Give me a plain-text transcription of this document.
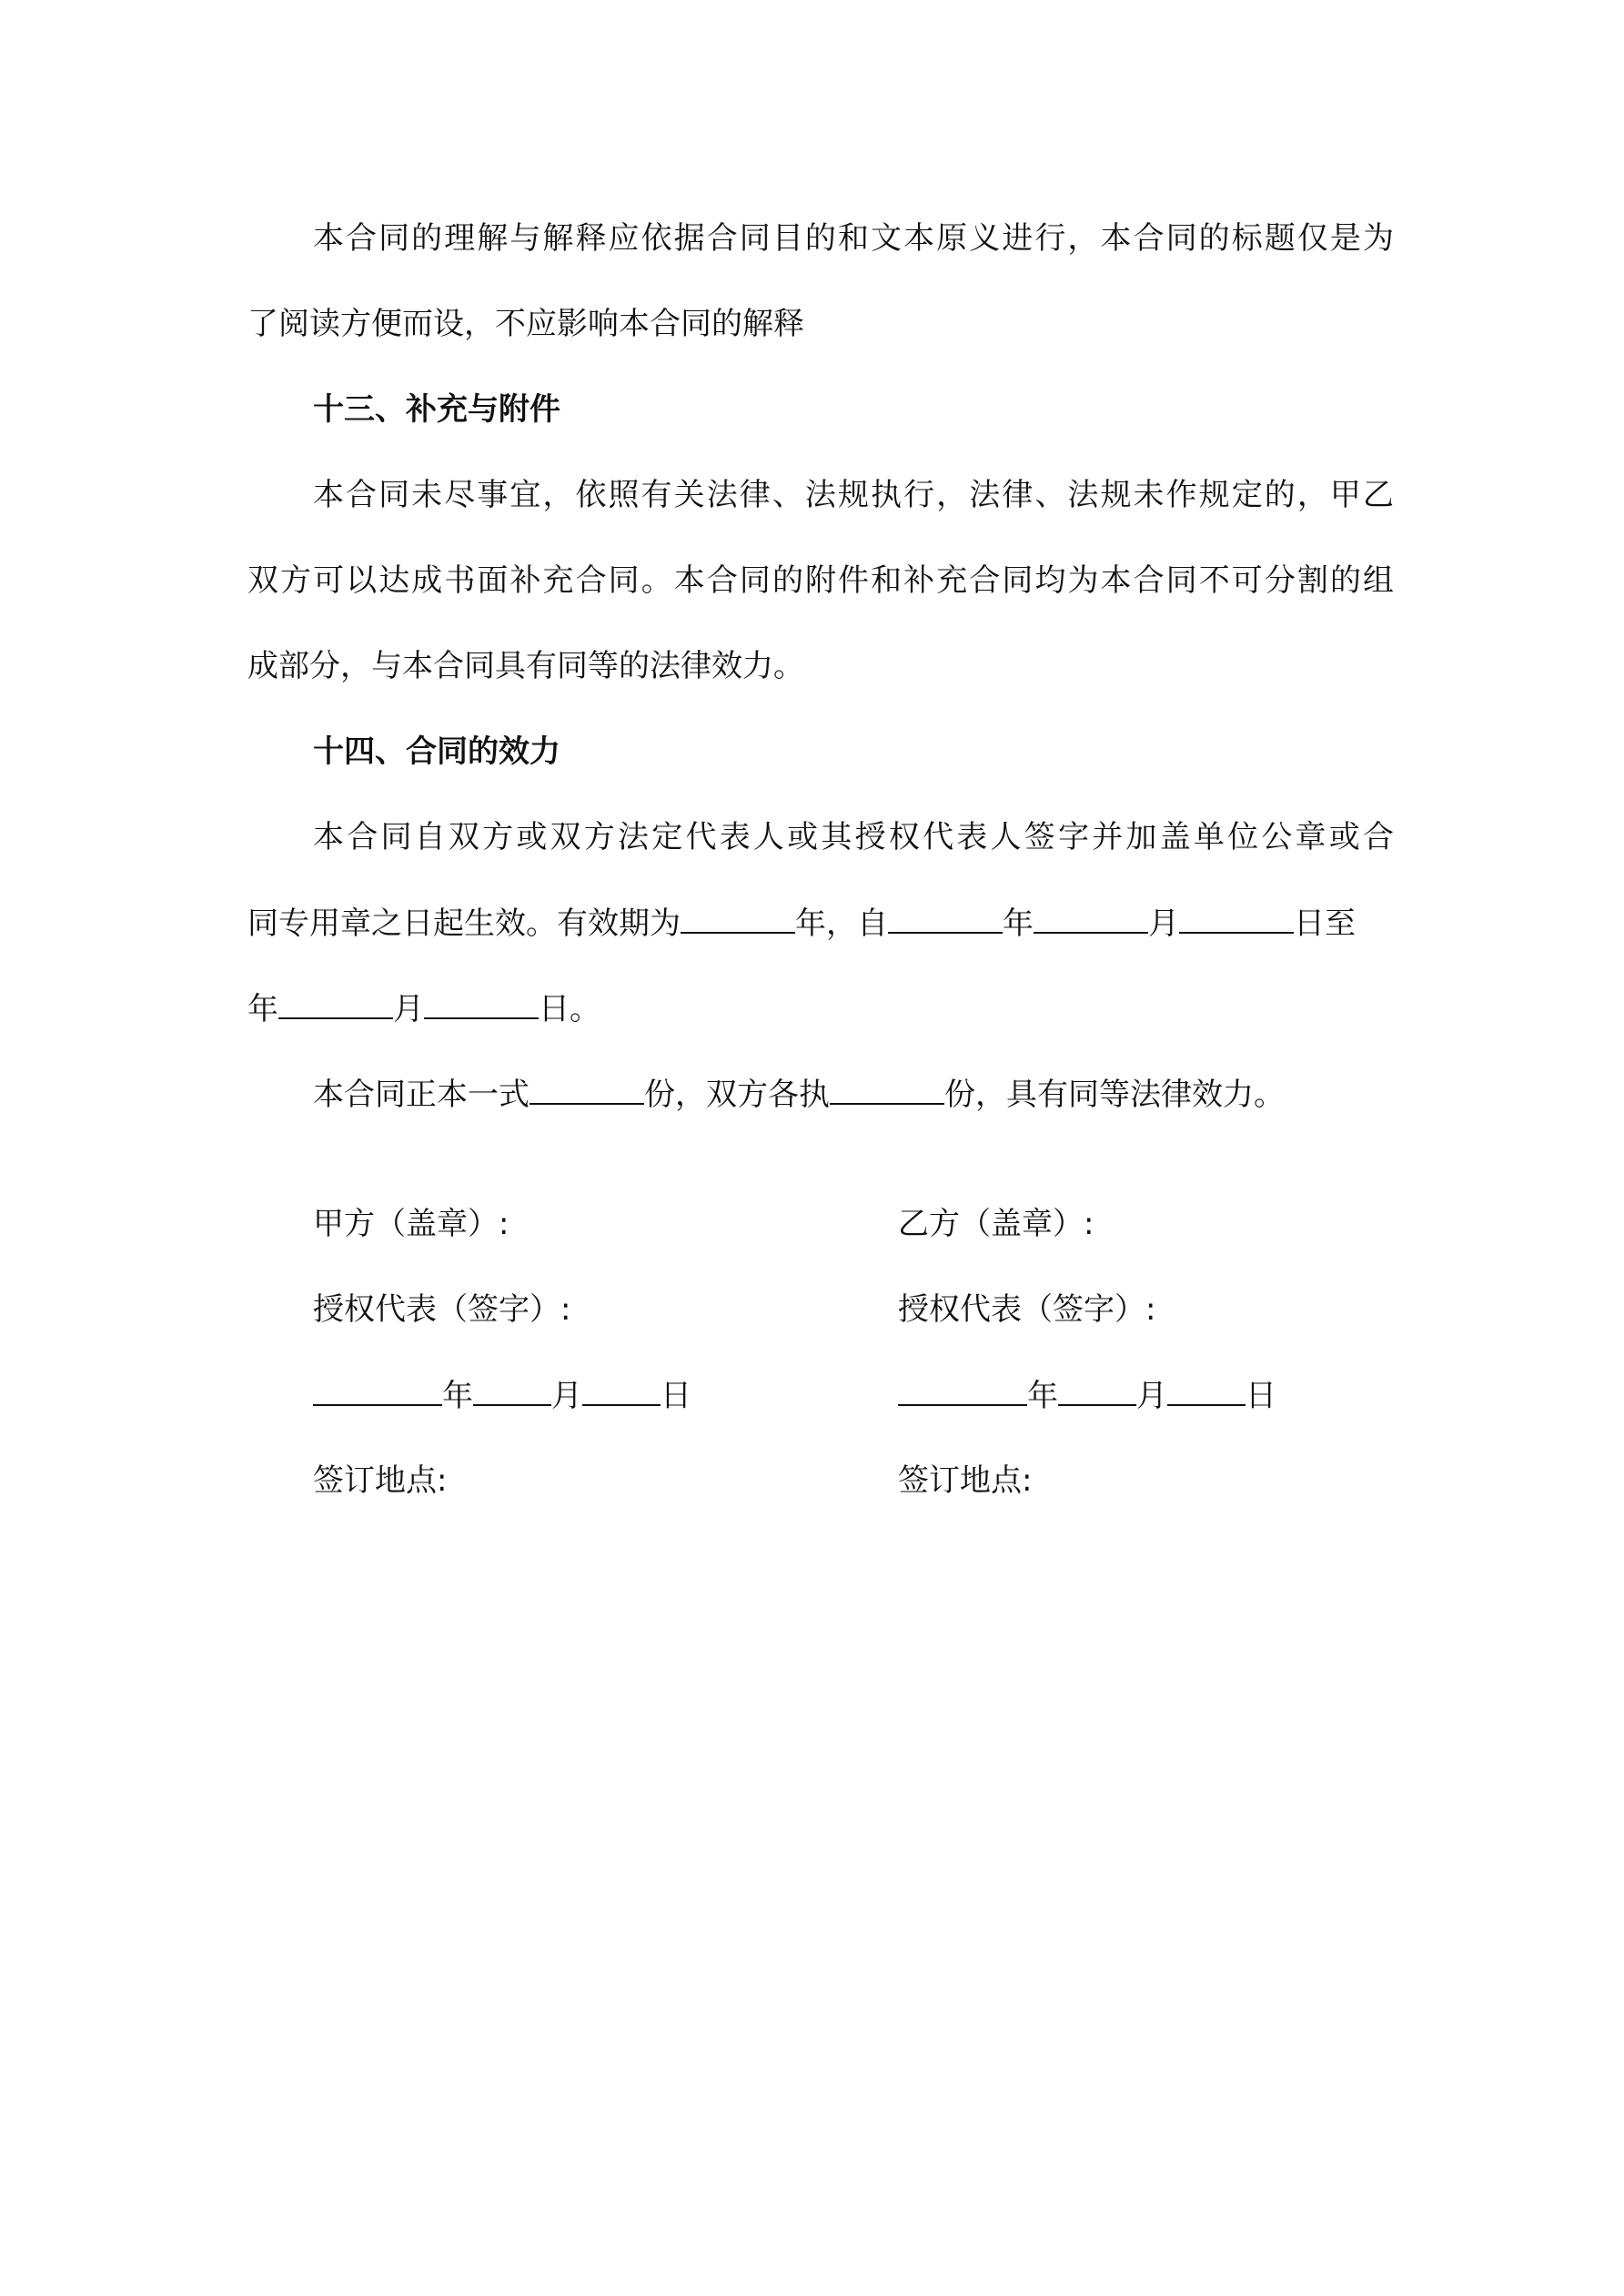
本合同的理解与解释应依据合同目的和文本原义进行，本合同的标题仅是为
了阅读方便而设，不应影响本合同的解释
十三、补充与附件
本合同未尽事宜，依照有关法律、法规执行，法律、法规未作规定的，甲乙
双方可以达成书面补充合同。本合同的附件和补充合同均为本合同不可分割的组
成部分，与本合同具有同等的法律效力。
十四、合同的效力
本合同自双方或双方法定代表人或其授权代表人签字并加盖单位公章或合
同专用章之日起生效。有效期为	年，自	年	月	日至
年	月	日。
本合同正本一式	份，双方各执	份，具有同等法律效力。
甲方（盖章）:
授权代表（签字）:
年	月	日
签订地点:
乙方（盖章）:
授权代表（签字）:
年	月	日
签订地点:
